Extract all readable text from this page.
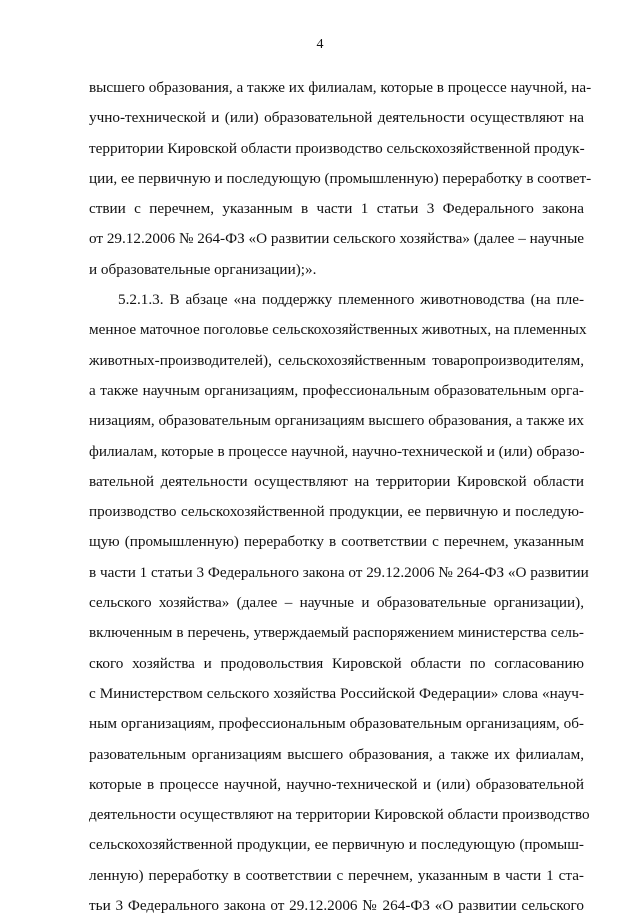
4
высшего образования, а также их филиалам, которые в процессе научной, на-
учно-технической и (или) образовательной деятельности осуществляют на
территории Кировской области производство сельскохозяйственной продук-
ции, ее первичную и последующую (промышленную) переработку в соответ-
ствии с перечнем, указанным в части 1 статьи 3 Федерального закона
от 29.12.2006 № 264-ФЗ «О развитии сельского хозяйства» (далее – научные
и образовательные организации);».
5.2.1.3. В абзаце «на поддержку племенного животноводства (на пле-
менное маточное поголовье сельскохозяйственных животных, на племенных
животных-производителей), сельскохозяйственным товаропроизводителям,
а также научным организациям, профессиональным образовательным орга-
низациям, образовательным организациям высшего образования, а также их
филиалам, которые в процессе научной, научно-технической и (или) образо-
вательной деятельности осуществляют на территории Кировской области
производство сельскохозяйственной продукции, ее первичную и последую-
щую (промышленную) переработку в соответствии с перечнем, указанным
в части 1 статьи 3 Федерального закона от 29.12.2006 № 264-ФЗ «О развитии
сельского хозяйства» (далее – научные и образовательные организации),
включенным в перечень, утверждаемый распоряжением министерства сель-
ского хозяйства и продовольствия Кировской области по согласованию
с Министерством сельского хозяйства Российской Федерации» слова «науч-
ным организациям, профессиональным образовательным организациям, об-
разовательным организациям высшего образования, а также их филиалам,
которые в процессе научной, научно-технической и (или) образовательной
деятельности осуществляют на территории Кировской области производство
сельскохозяйственной продукции, ее первичную и последующую (промыш-
ленную) переработку в соответствии с перечнем, указанным в части 1 ста-
тьи 3 Федерального закона от 29.12.2006 № 264-ФЗ «О развитии сельского
